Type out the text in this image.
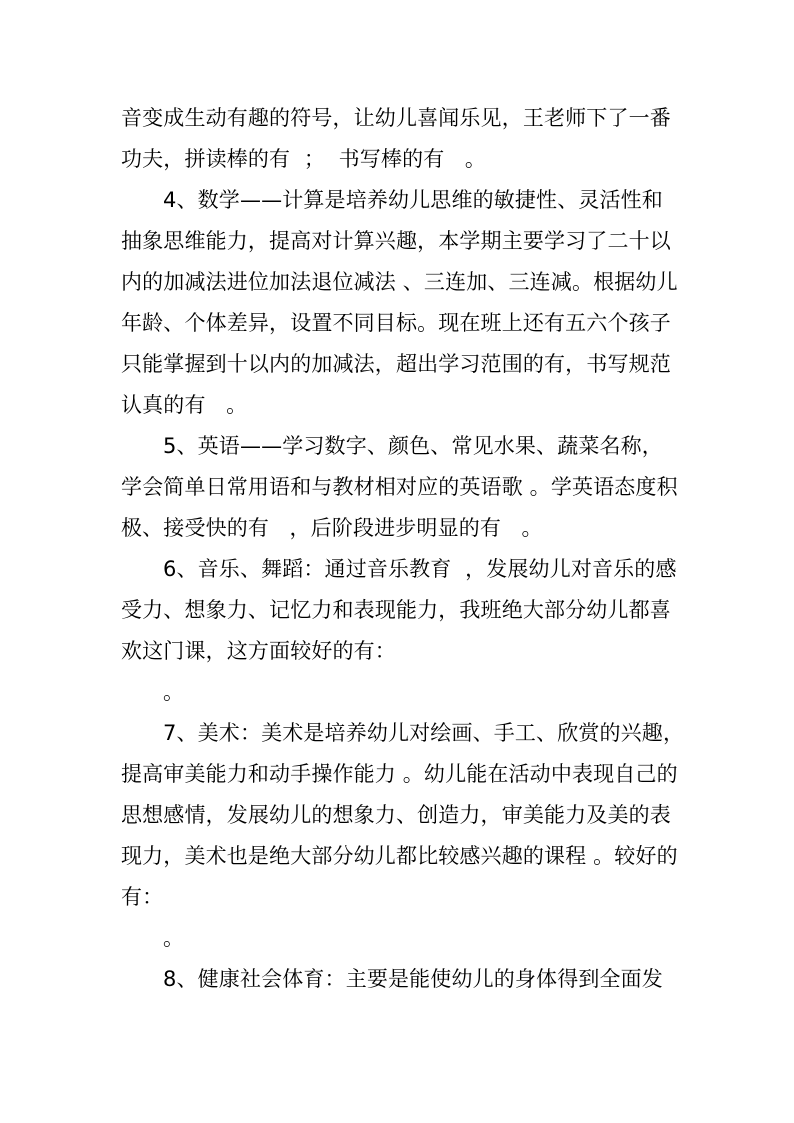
音变成生动有趣的符号，让幼儿喜闻乐见，王老师下了一番
功夫，拼读棒的有  ；  书写棒的有   。
4、数学——计算是培养幼儿思维的敏捷性、灵活性和
抽象思维能力，提高对计算兴趣，本学期主要学习了二十以
内的加减法进位加法退位减法 、三连加、三连减。根据幼儿
年龄、个体差异，设置不同目标。现在班上还有五六个孩子
只能掌握到十以内的加减法，超出学习范围的有，书写规范
认真的有   。
5、英语——学习数字、颜色、常见水果、蔬菜名称，
学会简单日常用语和与教材相对应的英语歌 。学英语态度积
极、接受快的有   ，后阶段进步明显的有   。
6、音乐、舞蹈：通过音乐教育  ，发展幼儿对音乐的感
受力、想象力、记忆力和表现能力，我班绝大部分幼儿都喜
欢这门课，这方面较好的有：
。
7、美术：美术是培养幼儿对绘画、手工、欣赏的兴趣，
提高审美能力和动手操作能力 。幼儿能在活动中表现自己的
思想感情，发展幼儿的想象力、创造力，审美能力及美的表
现力，美术也是绝大部分幼儿都比较感兴趣的课程 。较好的
有：
。
8、健康社会体育：主要是能使幼儿的身体得到全面发
